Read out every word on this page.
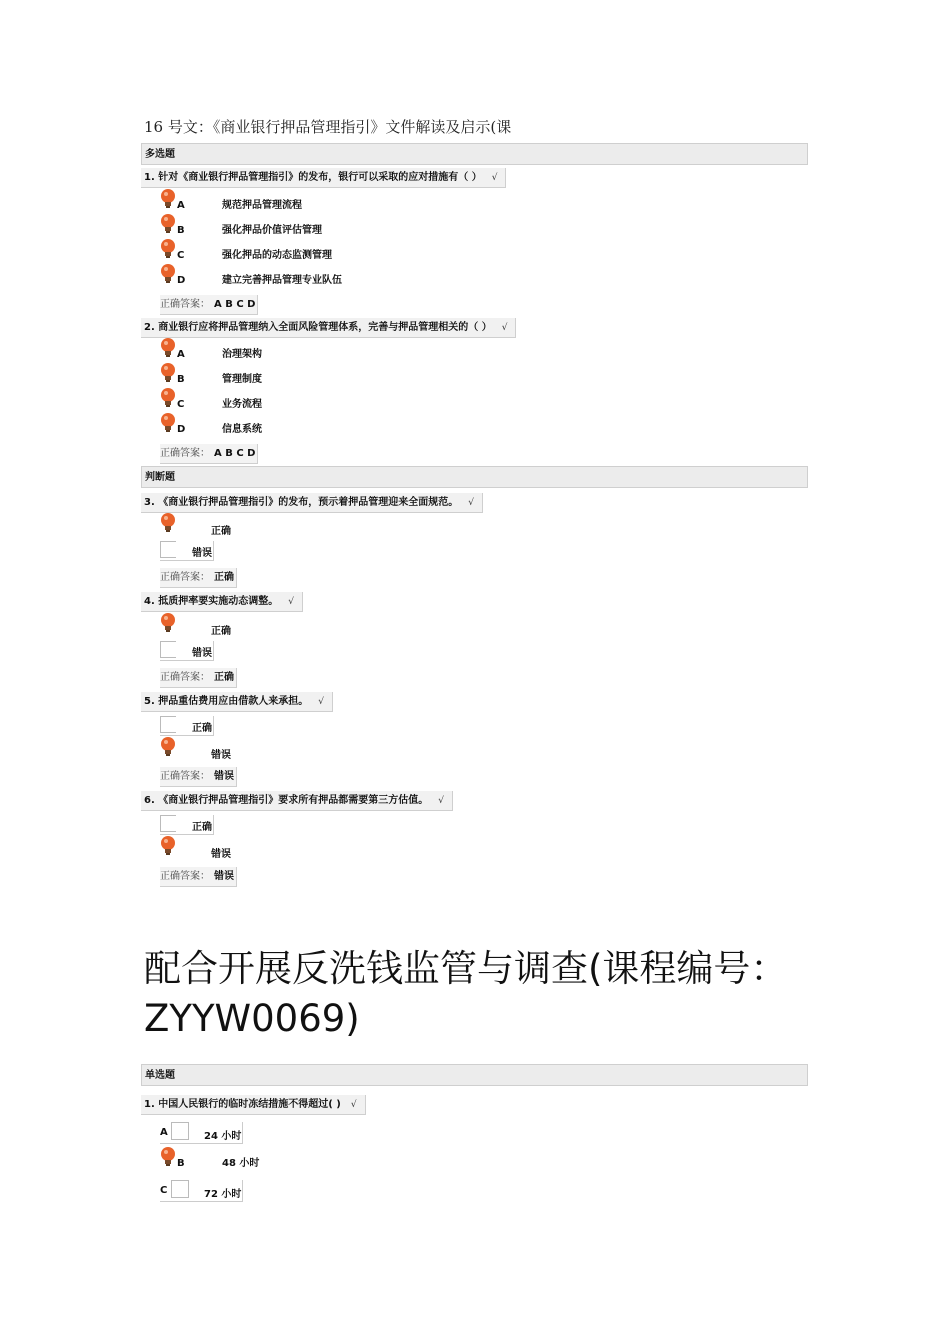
16 号文：《商业银行押品管理指引》文件解读及启示(课
多选题
1. 针对《商业银行押品管理指引》的发布，银行可以采取的应对措施有（ ） √
A	规范押品管理流程
B	强化押品价值评估管理
C	强化押品的动态监测管理
D	建立完善押品管理专业队伍
正确答案： A B C D
2. 商业银行应将押品管理纳入全面风险管理体系，完善与押品管理相关的（ ） √
A	治理架构
B	管理制度
C	业务流程
D	信息系统
正确答案： A B C D
判断题
3. 《商业银行押品管理指引》的发布，预示着押品管理迎来全面规范。 √
正确
错误
正确答案： 正确
4. 抵质押率要实施动态调整。 √
正确
错误
正确答案： 正确
5. 押品重估费用应由借款人来承担。 √
正确
错误
正确答案： 错误
6. 《商业银行押品管理指引》要求所有押品都需要第三方估值。 √
正确
错误
正确答案： 错误
配合开展反洗钱监管与调查(课程编号：ZYYW0069)
单选题
1. 中国人民银行的临时冻结措施不得超过( ) √
A	24 小时
B	48 小时
C	72 小时
